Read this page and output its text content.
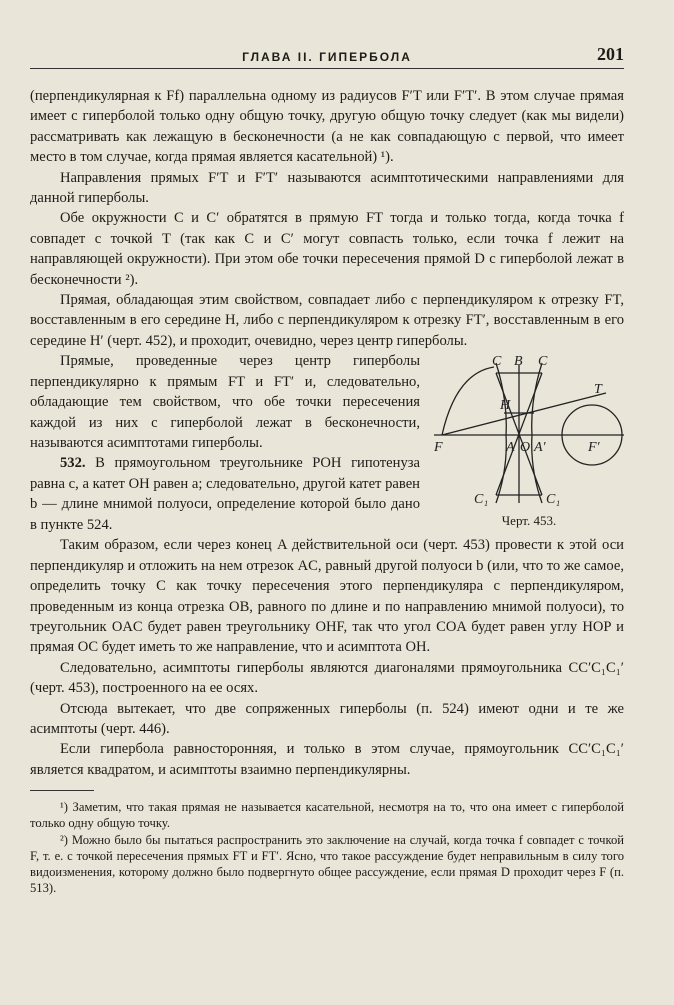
ГЛАВА II. ГИПЕРБОЛА	201

(перпендикулярная к Ff) параллельна одному из радиусов F′T или F′T′. В этом случае прямая имеет с гиперболой только одну общую точку, другую общую точку следует (как мы видели) рассматривать как лежащую в бесконечности (а не как совпадающую с первой, что имеет место в том случае, когда прямая является касательной) ¹).

Направления прямых F′T и F′T′ называются асимптотическими направлениями для данной гиперболы.

Обе окружности C и C′ обратятся в прямую FT тогда и только тогда, когда точка f совпадет с точкой T (так как C и C′ могут совпасть только, если точка f лежит на направляющей окружности). При этом обе точки пересечения прямой D с гиперболой лежат в бесконечности ²).

Прямая, обладающая этим свойством, совпадает либо с перпендикуляром к отрезку FT, восставленным в его середине H, либо с перпендикуляром к отрезку FT′, восставленным в его середине H′ (черт. 452), и проходит, очевидно, через центр гиперболы.

C B C
T
H
F	A O A′	F′
C₁	C₁
Черт. 453.

Прямые, проведенные через центр гиперболы перпендикулярно к прямым FT и FT′ и, следовательно, обладающие тем свойством, что обе точки пересечения каждой из них с гиперболой лежат в бесконечности, называются асимптотами гиперболы.

532. В прямоугольном треугольнике POH гипотенуза равна c, а катет OH равен a; следовательно, другой катет равен b — длине мнимой полуоси, определение которой было дано в пункте 524.

Таким образом, если через конец A действительной оси (черт. 453) провести к этой оси перпендикуляр и отложить на нем отрезок AC, равный другой полуоси b (или, что то же самое, определить точку C как точку пересечения этого перпендикуляра с перпендикуляром, проведенным из конца отрезка OB, равного по длине и по направлению мнимой полуоси), то треугольник OAC будет равен треугольнику OHF, так что угол COA будет равен углу HOP и прямая OC будет иметь то же направление, что и асимптота OH.

Следовательно, асимптоты гиперболы являются диагоналями прямоугольника CC′C₁C₁′ (черт. 453), построенного на ее осях.

Отсюда вытекает, что две сопряженных гиперболы (п. 524) имеют одни и те же асимптоты (черт. 446).

Если гипербола равносторонняя, и только в этом случае, прямоугольник CC′C₁C₁′ является квадратом, и асимптоты взаимно перпендикулярны.

¹) Заметим, что такая прямая не называется касательной, несмотря на то, что она имеет с гиперболой только одну общую точку.

²) Можно было бы пытаться распространить это заключение на случай, когда точка f совпадет с точкой F, т. е. с точкой пересечения прямых FT и FT′. Ясно, что такое рассуждение будет неправильным в силу того видоизменения, которому должно было подвергнуто общее рассуждение, если прямая D проходит через F (п. 513).
